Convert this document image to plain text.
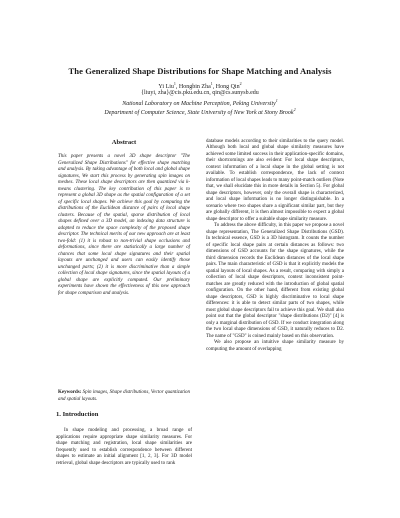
The Generalized Shape Distributions for Shape Matching and Analysis
Yi Liu$^1$, Hongbin Zha$^1$, Hong Qin$^2$
{liuyi, zha}@cis.pku.edu.cn, qin@cs.sunysb.edu
National Laboratory on Machine Perception, Peking University$^1$
Department of Computer Science, State University of New York at Stony Brook$^2$
Abstract
This paper presents a novel 3D shape descriptor "The Generalized Shape Distributions" for effective shape matching and analysis. By taking advantage of both local and global shape signatures, We start this process by generating spin images on meshes. These local shape descriptors are then quantized via k-means clustering. The key contribution of this paper is to represent a global 3D shape as the spatial configuration of a set of specific local shapes. We achieve this goal by computing the distributions of the Euclidean distance of pairs of local shape clusters. Because of the spatial, sparse distribution of local shapes defined over a 3D model, an indexing data structure is adopted to reduce the space complexity of the proposed shape descriptor. The technical merits of our new approach are at least two-fold: (1) it is robust to non-trivial shape occlusions and deformations, since there are statistically a large number of chances that some local shape signatures and their spatial layouts are unchanged and users can easily identify those unchanged parts; (2) it is more discriminative than a simple collection of local shape signatures, since the spatial layouts of a global shape are explicitly computed. Our preliminary experiments have shown the effectiveness of this new approach for shape comparison and analysis.
Keywords: Spin images, Shape distributions, Vector quantization and spatial layouts.
1. Introduction
In shape modeling and processing, a broad range of applications require appropriate shape similarity measures. For shape matching and registration, local shape similarities are frequently used to establish correspondence between different shapes to estimate an initial alignment [1, 2, 3]. For 3D model retrieval, global shape descriptors are typically used to rank

database models according to their similarities to the query model. Although both local and global shape similarity measures have achieved some limited success in their application-specific domains, their shortcomings are also evident: For local shape descriptors, context information of a local shape in the global setting is not available. To establish correspondence, the lack of context information of local shapes leads to many point-match outliers (Note that, we shall elucidate this in more details in Section 5). For global shape descriptors, however, only the overall shape is characterized, and local shape information is no longer distinguishable. In a scenario where two shapes share a significant similar part, but they are globally different, it is then almost impossible to expect a global shape descriptor to offer a suitable shape similarity measure.

To address the above difficulty, in this paper we propose a novel shape representation, The Generalized Shape Distributions (GSD). In technical essence, GSD is a 3D histogram. It counts the number of specific local shape pairs at certain distances as follows: two dimensions of GSD accounts for the shape signatures, while the third dimension records the Euclidean distances of the local shape pairs. The main characteristic of GSD is that it explicitly models the spatial layouts of local shapes. As a result, comparing with simply a collection of local shape descriptors, context inconsistent point-matches are greatly reduced with the introduction of global spatial configuration. On the other hand, different from existing global shape descriptors, GSD is highly discriminative to local shape differences: it is able to detect similar parts of two shapes, while most global shape descriptors fail to achieve this goal. We shall also point out that the global descriptor "shape distributions (D2)" [4] is only a marginal distribution of GSD. If we conduct integration along the two local shape dimensions of GSD, it naturally reduces to D2. The name of "GSD" is coined mainly based on this observation.

We also propose an intuitive shape similarity measure by computing the amount of overlapping
